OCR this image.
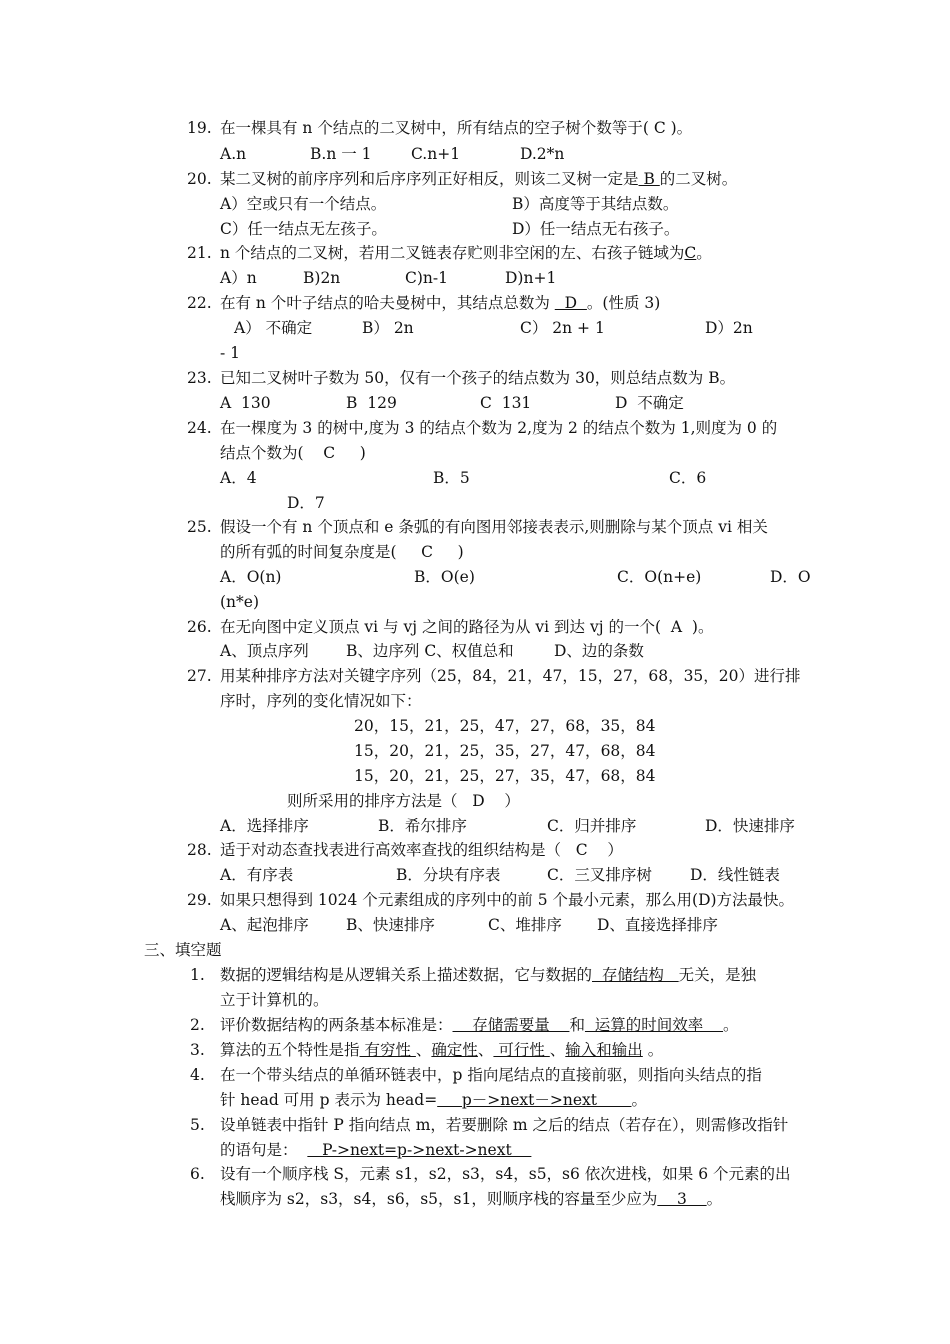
19. 在一棵具有 n 个结点的二叉树中，所有结点的空子树个数等于( C )。
A.n	B.n 一 1	C.n+1	D.2*n
20. 某二叉树的前序序列和后序序列正好相反，则该二叉树一定是 B 的二叉树。
A）空或只有一个结点。	B）高度等于其结点数。
C）任一结点无左孩子。	D）任一结点无右孩子。
21. n 个结点的二叉树，若用二叉链表存贮则非空闲的左、右孩子链域为C。
A）n	B)2n	C)n-1	D)n+1
22. 在有 n 个叶子结点的哈夫曼树中，其结点总数为   D  。(性质 3)
A） 不确定	B） 2n	C） 2n + 1	D）2n
- 1
23. 已知二叉树叶子数为 50，仅有一个孩子的结点数为 30，则总结点数为 B。
A  130	B  129	C  131	D  不确定
24. 在一棵度为 3 的树中,度为 3 的结点个数为 2,度为 2 的结点个数为 1,则度为 0 的
结点个数为(    C     )
A．4	B．5	C．6
D．7
25. 假设一个有 n 个顶点和 e 条弧的有向图用邻接表表示,则删除与某个顶点 vi 相关
的所有弧的时间复杂度是(     C     )
A．O(n)	B．O(e)	C．O(n+e)	D．O
(n*e)
26. 在无向图中定义顶点 vi 与 vj 之间的路径为从 vi 到达 vj 的一个(  A  )。
A、顶点序列 B、边序列 C、权值总和	D、边的条数
27. 用某种排序方法对关键字序列（25，84，21，47，15，27，68，35，20）进行排
序时，序列的变化情况如下：
20，15，21，25，47，27，68，35，84
15，20，21，25，35，27，47，68，84
15，20，21，25，27，35，47，68，84
则所采用的排序方法是（   D    ）
A．选择排序	B．希尔排序	C．归并排序	D．快速排序
28. 适于对动态查找表进行高效率查找的组织结构是（   C    ）
A．有序表	B．分块有序表	C．三叉排序树 D．线性链表
29. 如果只想得到 1024 个元素组成的序列中的前 5 个最小元素，那么用(D)方法最快。
A、起泡排序 B、快速排序	C、堆排序 D、直接选择排序
三、填空题
1. 数据的逻辑结构是从逻辑关系上描述数据，它与数据的  存储结构   无关，是独
立于计算机的。
2. 评价数据结构的两条基本标准是：    存储需要量    和  运算的时间效率    。
3. 算法的五个特性是指 有穷性 、确定性、 可行性 、输入和输出 。
4. 在一个带头结点的单循环链表中，p 指向尾结点的直接前驱，则指向头结点的指
针 head 可用 p 表示为 head=     p－>next－>next       。
5. 设单链表中指针 P 指向结点 m，若要删除 m 之后的结点（若存在），则需修改指针
的语句是：     P->next=p->next->next
6. 设有一个顺序栈 S，元素 s1，s2，s3，s4，s5，s6 依次进栈，如果 6 个元素的出
栈顺序为 s2，s3，s4，s6，s5，s1，则顺序栈的容量至少应为    3    。
